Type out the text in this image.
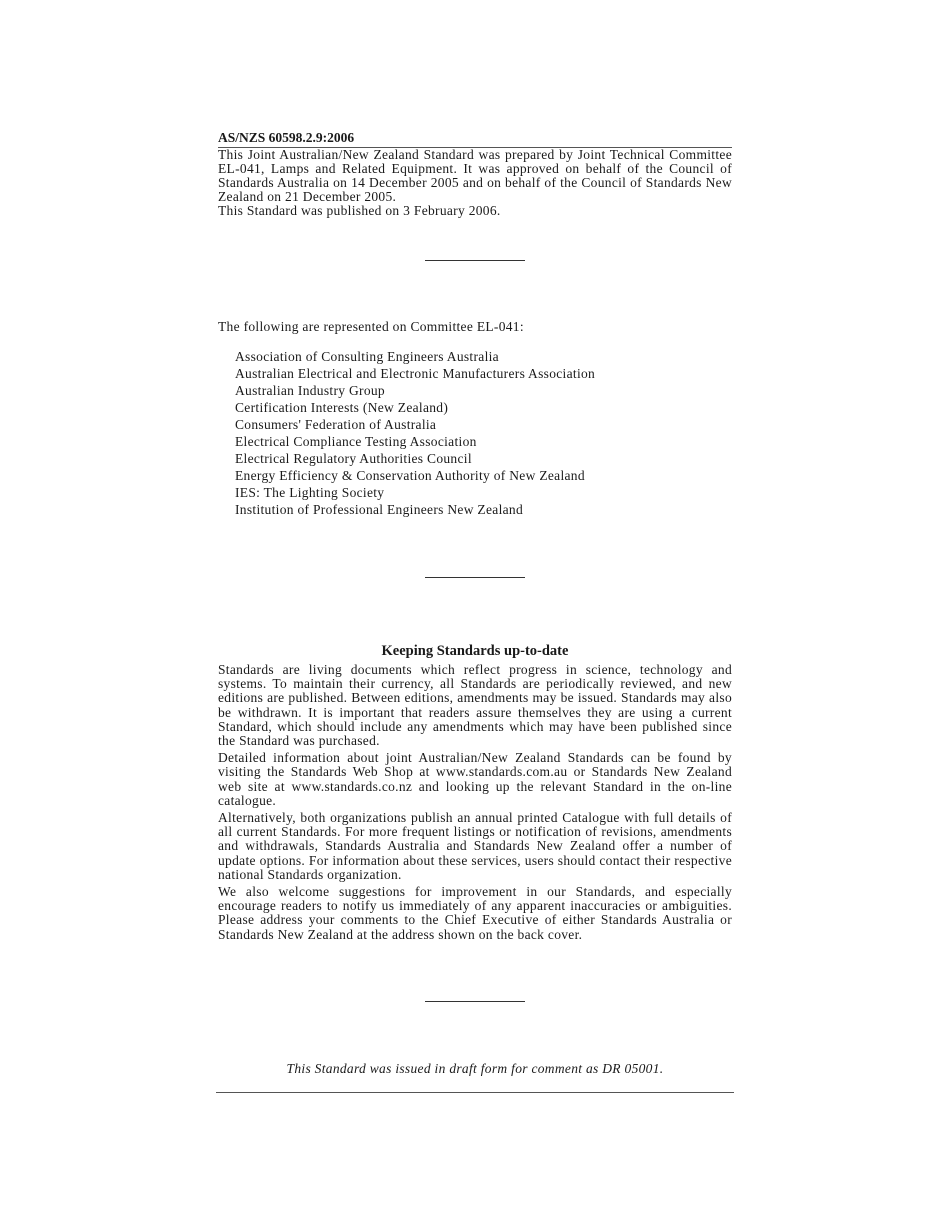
AS/NZS 60598.2.9:2006

This Joint Australian/New Zealand Standard was prepared by Joint Technical Committee EL-041, Lamps and Related Equipment. It was approved on behalf of the Council of Standards Australia on 14 December 2005 and on behalf of the Council of Standards New Zealand on 21 December 2005.

This Standard was published on 3 February 2006.

The following are represented on Committee EL-041:
Association of Consulting Engineers Australia
Australian Electrical and Electronic Manufacturers Association
Australian Industry Group
Certification Interests (New Zealand)
Consumers' Federation of Australia
Electrical Compliance Testing Association
Electrical Regulatory Authorities Council
Energy Efficiency & Conservation Authority of New Zealand
IES: The Lighting Society
Institution of Professional Engineers New Zealand
Keeping Standards up-to-date

Standards are living documents which reflect progress in science, technology and systems. To maintain their currency, all Standards are periodically reviewed, and new editions are published. Between editions, amendments may be issued. Standards may also be withdrawn. It is important that readers assure themselves they are using a current Standard, which should include any amendments which may have been published since the Standard was purchased.

Detailed information about joint Australian/New Zealand Standards can be found by visiting the Standards Web Shop at www.standards.com.au or Standards New Zealand web site at www.standards.co.nz and looking up the relevant Standard in the on-line catalogue.

Alternatively, both organizations publish an annual printed Catalogue with full details of all current Standards. For more frequent listings or notification of revisions, amendments and withdrawals, Standards Australia and Standards New Zealand offer a number of update options. For information about these services, users should contact their respective national Standards organization.

We also welcome suggestions for improvement in our Standards, and especially encourage readers to notify us immediately of any apparent inaccuracies or ambiguities. Please address your comments to the Chief Executive of either Standards Australia or Standards New Zealand at the address shown on the back cover.

This Standard was issued in draft form for comment as DR 05001.
